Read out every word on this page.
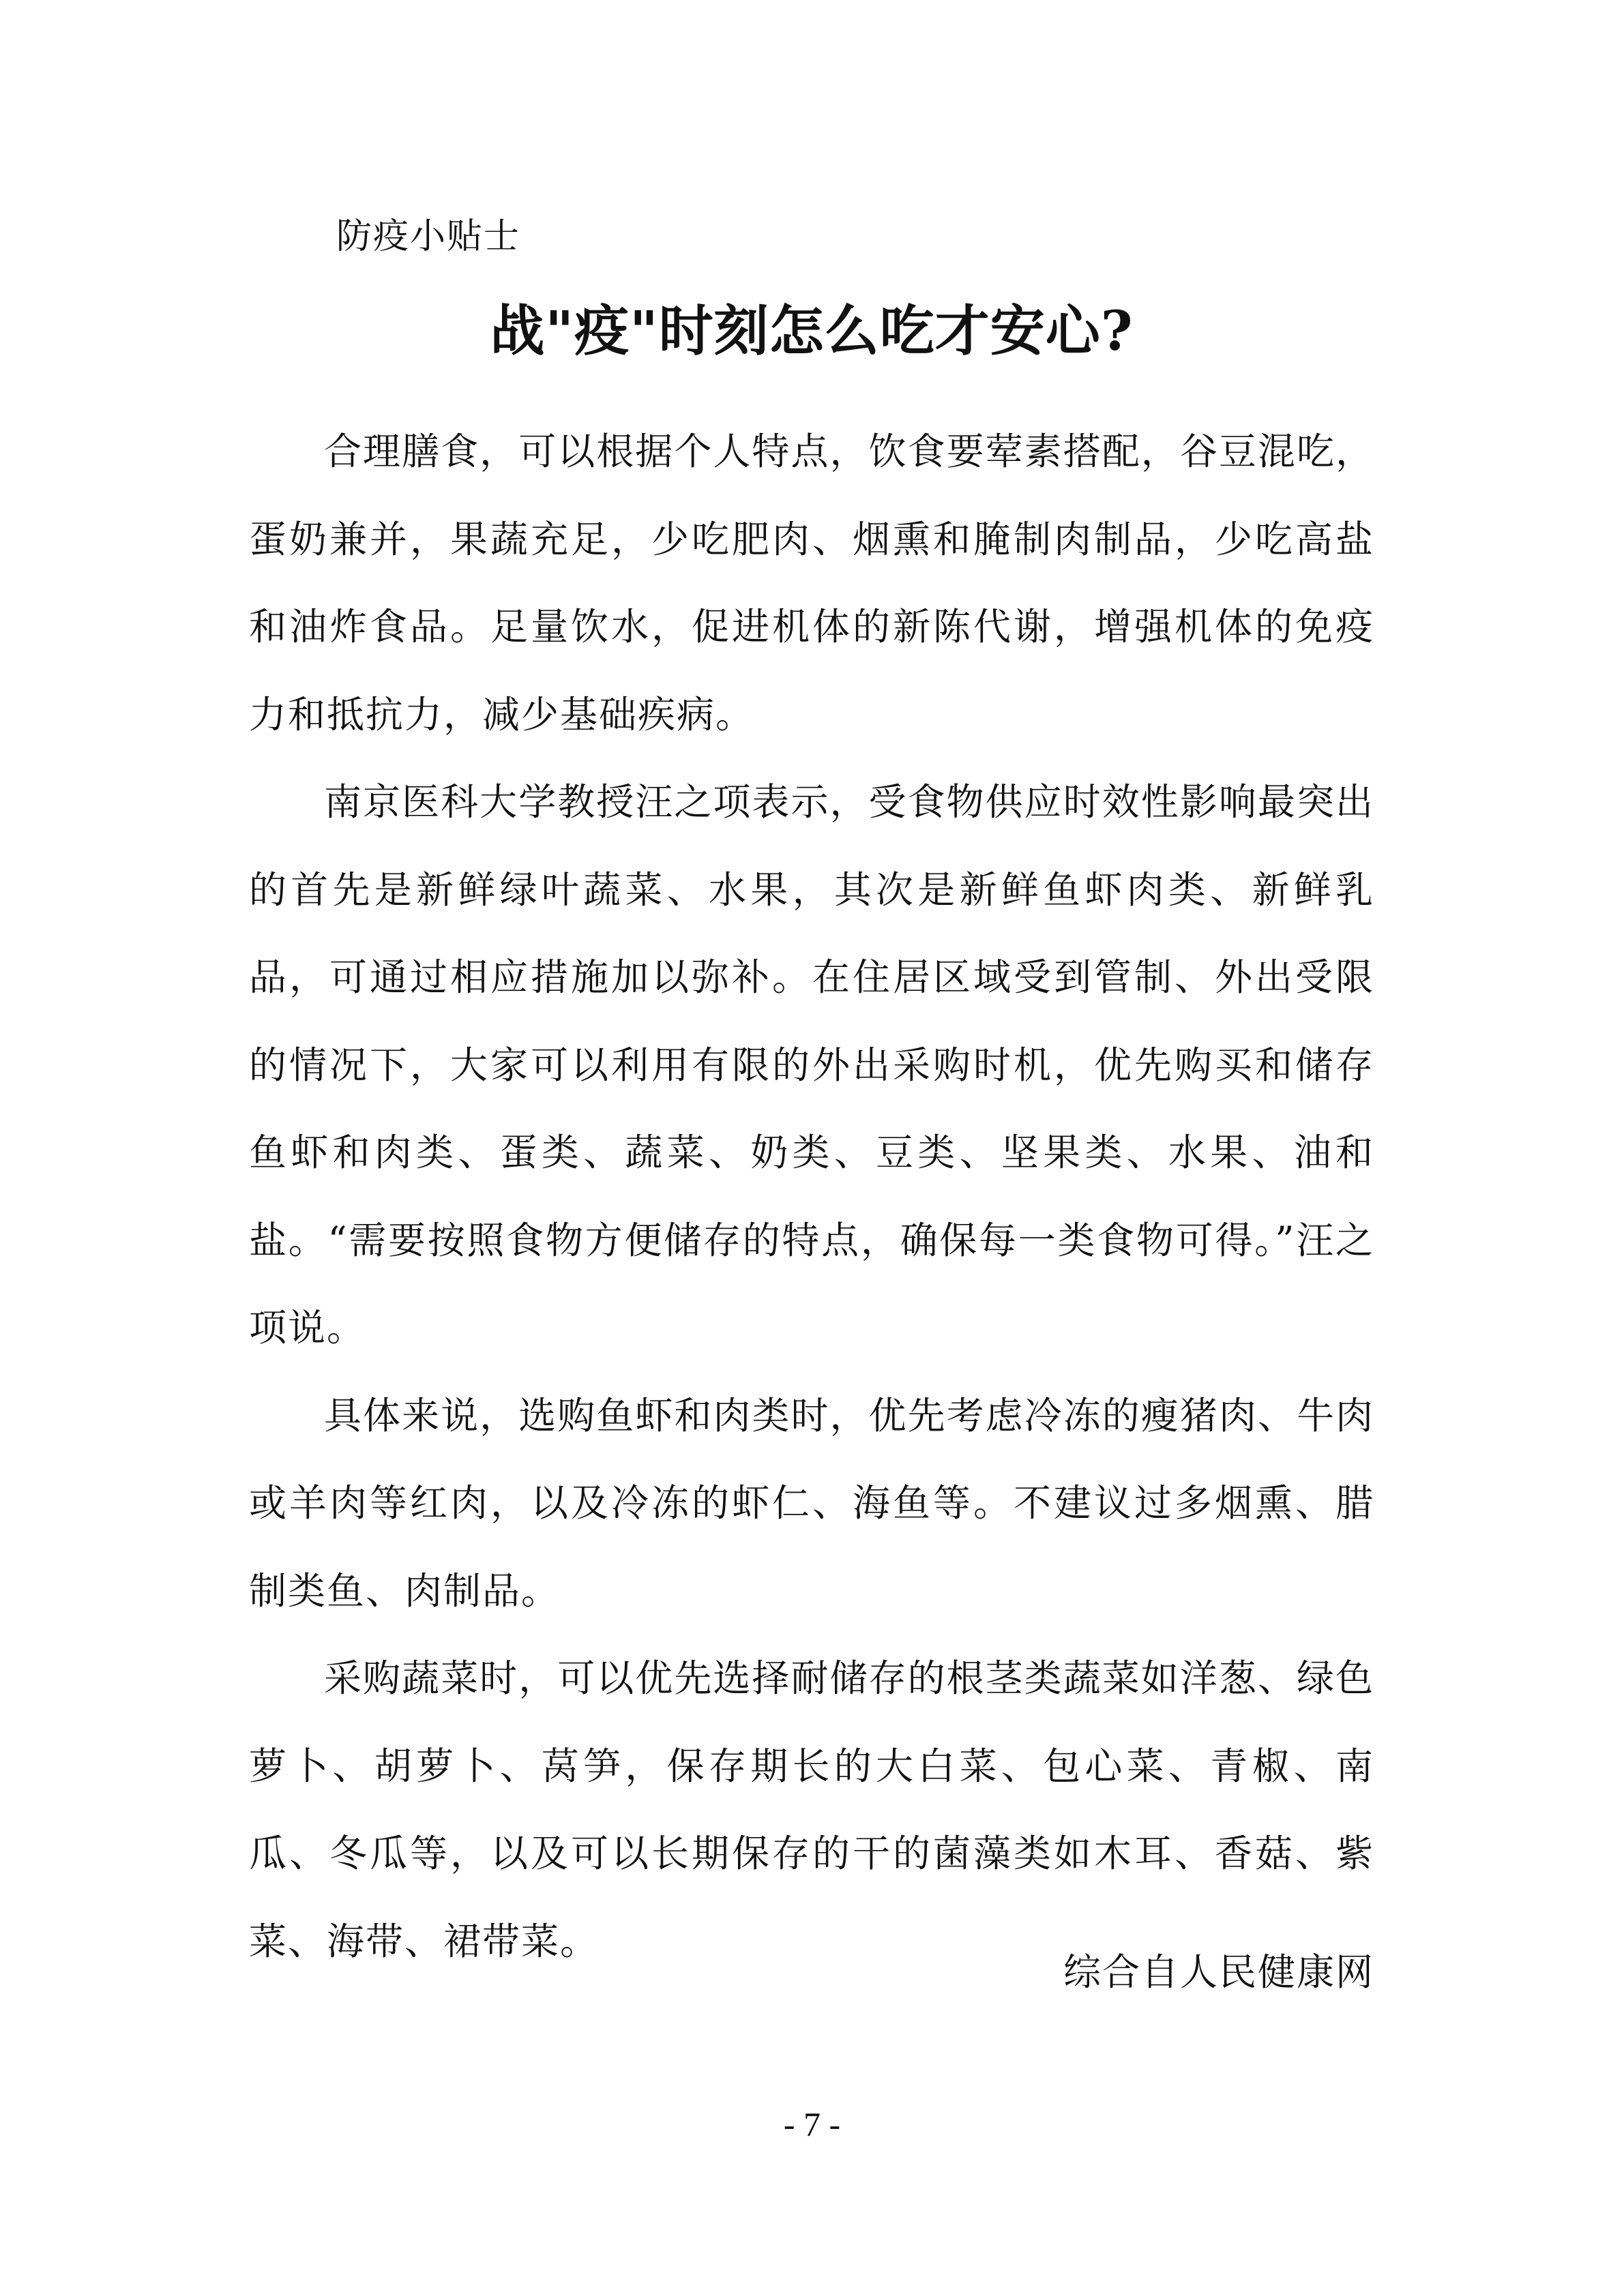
防疫小贴士
战"疫"时刻怎么吃才安心?

合理膳食，可以根据个人特点，饮食要荤素搭配，谷豆混吃，蛋奶兼并，果蔬充足，少吃肥肉、烟熏和腌制肉制品，少吃高盐和油炸食品。足量饮水，促进机体的新陈代谢，增强机体的免疫力和抵抗力，减少基础疾病。

南京医科大学教授汪之项表示，受食物供应时效性影响最突出的首先是新鲜绿叶蔬菜、水果，其次是新鲜鱼虾肉类、新鲜乳品，可通过相应措施加以弥补。在住居区域受到管制、外出受限的情况下，大家可以利用有限的外出采购时机，优先购买和储存鱼虾和肉类、蛋类、蔬菜、奶类、豆类、坚果类、水果、油和盐。“需要按照食物方便储存的特点，确保每一类食物可得。”汪之项说。

具体来说，选购鱼虾和肉类时，优先考虑冷冻的瘦猪肉、牛肉或羊肉等红肉，以及冷冻的虾仁、海鱼等。不建议过多烟熏、腊制类鱼、肉制品。

采购蔬菜时，可以优先选择耐储存的根茎类蔬菜如洋葱、绿色萝卜、胡萝卜、莴笋，保存期长的大白菜、包心菜、青椒、南瓜、冬瓜等，以及可以长期保存的干的菌藻类如木耳、香菇、紫菜、海带、裙带菜。

综合自人民健康网
- 7 -
